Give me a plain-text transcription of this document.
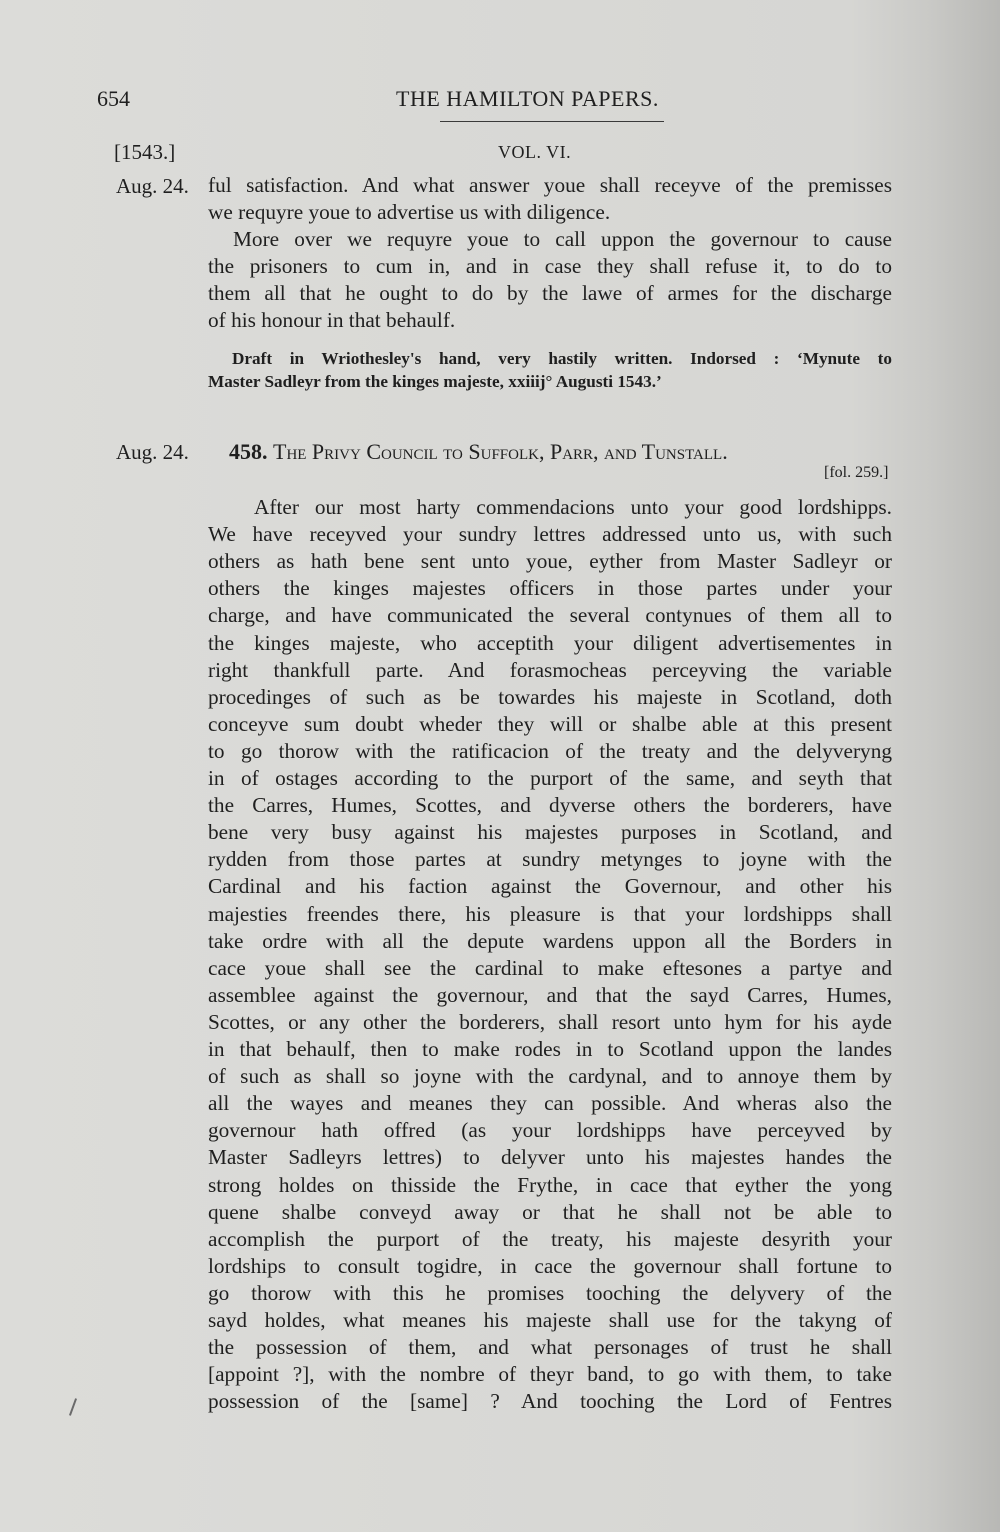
654	THE HAMILTON PAPERS.
[1543.]	VOL. VI.
Aug. 24. ful satisfaction. And what answer youe shall receyve of the premisses
we requyre youe to advertise us with diligence.
More over we requyre youe to call uppon the governour to cause
the prisoners to cum in, and in case they shall refuse it, to do to
them all that he ought to do by the lawe of armes for the discharge
of his honour in that behaulf.
Draft in Wriothesley's hand, very hastily written. Indorsed : ‘Mynute to
Master Sadleyr from the kinges majeste, xxiiij° Augusti 1543.’
Aug. 24. 458. The Privy Council to Suffolk, Parr, and Tunstall.
[fol. 259.]
After our most harty commendacions unto your good lordshipps.
We have receyved your sundry lettres addressed unto us, with such
others as hath bene sent unto youe, eyther from Master Sadleyr or
others the kinges majestes officers in those partes under your
charge, and have communicated the several contynues of them all to
the kinges majeste, who acceptith your diligent advertisementes in
right thankfull parte. And forasmocheas perceyving the variable
procedinges of such as be towardes his majeste in Scotland, doth
conceyve sum doubt wheder they will or shalbe able at this present
to go thorow with the ratificacion of the treaty and the delyveryng
in of ostages according to the purport of the same, and seyth that
the Carres, Humes, Scottes, and dyverse others the borderers, have
bene very busy against his majestes purposes in Scotland, and
rydden from those partes at sundry metynges to joyne with the
Cardinal and his faction against the Governour, and other his
majesties freendes there, his pleasure is that your lordshipps shall
take ordre with all the depute wardens uppon all the Borders in
cace youe shall see the cardinal to make eftesones a partye and
assemblee against the governour, and that the sayd Carres, Humes,
Scottes, or any other the borderers, shall resort unto hym for his ayde
in that behaulf, then to make rodes in to Scotland uppon the landes
of such as shall so joyne with the cardynal, and to annoye them by
all the wayes and meanes they can possible. And wheras also the
governour hath offred (as your lordshipps have perceyved by
Master Sadleyrs lettres) to delyver unto his majestes handes the
strong holdes on thisside the Frythe, in cace that eyther the yong
quene shalbe conveyd away or that he shall not be able to
accomplish the purport of the treaty, his majeste desyrith your
lordships to consult togidre, in cace the governour shall fortune to
go thorow with this he promises tooching the delyvery of the
sayd holdes, what meanes his majeste shall use for the takyng of
the possession of them, and what personages of trust he shall
[appoint ?], with the nombre of theyr band, to go with them, to take
possession of the [same] ? And tooching the Lord of Fentres
